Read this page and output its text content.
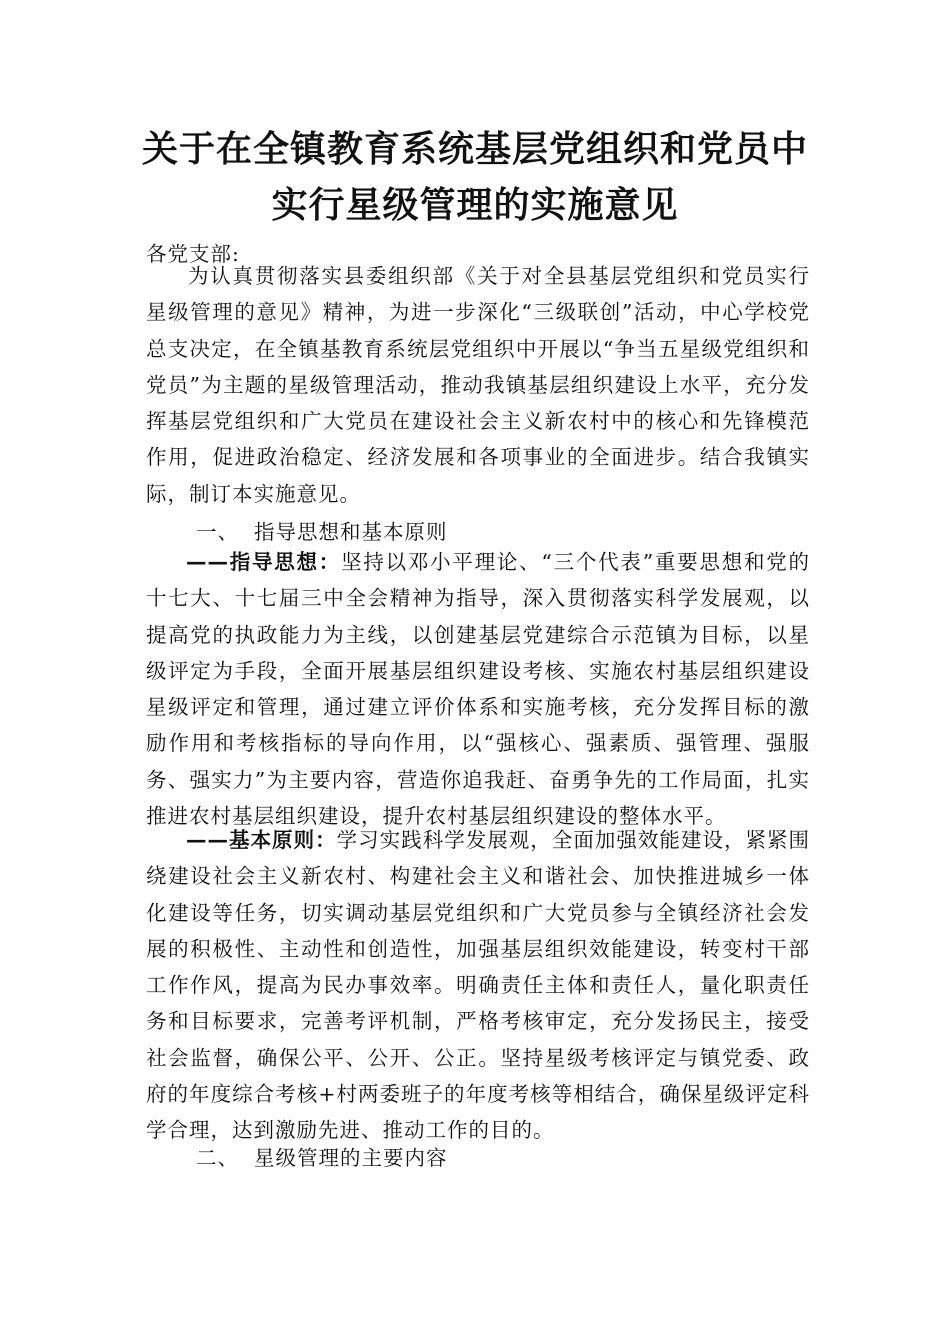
关于在全镇教育系统基层党组织和党员中
实行星级管理的实施意见

各党支部:

为认真贯彻落实县委组织部《关于对全县基层党组织和党员实行星级管理的意见》精神，为进一步深化“三级联创”活动，中心学校党总支决定，在全镇基教育系统层党组织中开展以“争当五星级党组织和党员”为主题的星级管理活动，推动我镇基层组织建设上水平，充分发挥基层党组织和广大党员在建设社会主义新农村中的核心和先锋模范作用，促进政治稳定、经济发展和各项事业的全面进步。结合我镇实际，制订本实施意见。

一、 指导思想和基本原则

——指导思想：坚持以邓小平理论、“三个代表”重要思想和党的十七大、十七届三中全会精神为指导，深入贯彻落实科学发展观，以提高党的执政能力为主线，以创建基层党建综合示范镇为目标，以星级评定为手段，全面开展基层组织建设考核、实施农村基层组织建设星级评定和管理，通过建立评价体系和实施考核，充分发挥目标的激励作用和考核指标的导向作用，以“强核心、强素质、强管理、强服务、强实力”为主要内容，营造你追我赶、奋勇争先的工作局面，扎实推进农村基层组织建设，提升农村基层组织建设的整体水平。

——基本原则：学习实践科学发展观，全面加强效能建设，紧紧围绕建设社会主义新农村、构建社会主义和谐社会、加快推进城乡一体化建设等任务，切实调动基层党组织和广大党员参与全镇经济社会发展的积极性、主动性和创造性，加强基层组织效能建设，转变村干部工作作风，提高为民办事效率。明确责任主体和责任人，量化职责任务和目标要求，完善考评机制，严格考核审定，充分发扬民主，接受社会监督，确保公平、公开、公正。坚持星级考核评定与镇党委、政府的年度综合考核+村两委班子的年度考核等相结合，确保星级评定科学合理，达到激励先进、推动工作的目的。

二、 星级管理的主要内容
